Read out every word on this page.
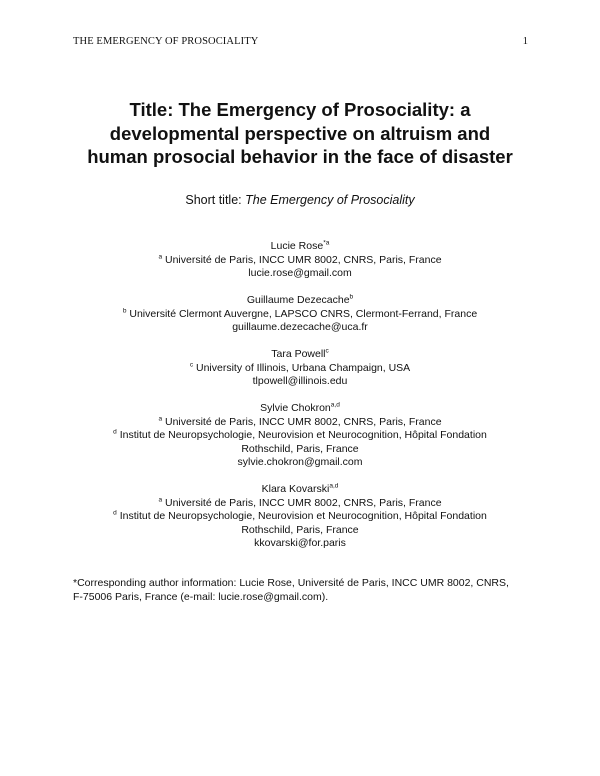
THE EMERGENCY OF PROSOCIALITY	1
Title: The Emergency of Prosociality: a
developmental perspective on altruism and
human prosocial behavior in the face of disaster
Short title: The Emergency of Prosociality
Lucie Rose$^{*a}$
$^a$ Université de Paris, INCC UMR 8002, CNRS, Paris, France
lucie.rose@gmail.com
Guillaume Dezecache$^b$
$^b$ Université Clermont Auvergne, LAPSCO CNRS, Clermont-Ferrand, France
guillaume.dezecache@uca.fr
Tara Powell$^c$
$^c$ University of Illinois, Urbana Champaign, USA
tlpowell@illinois.edu
Sylvie Chokron$^{a,d}$
$^a$ Université de Paris, INCC UMR 8002, CNRS, Paris, France
$^d$ Institut de Neuropsychologie, Neurovision et Neurocognition, Hôpital Fondation
Rothschild, Paris, France
sylvie.chokron@gmail.com
Klara Kovarski$^{a,d}$
$^a$ Université de Paris, INCC UMR 8002, CNRS, Paris, France
$^d$ Institut de Neuropsychologie, Neurovision et Neurocognition, Hôpital Fondation
Rothschild, Paris, France
kkovarski@for.paris
*Corresponding author information: Lucie Rose, Université de Paris, INCC UMR 8002, CNRS,
F-75006 Paris, France (e-mail: lucie.rose@gmail.com).
